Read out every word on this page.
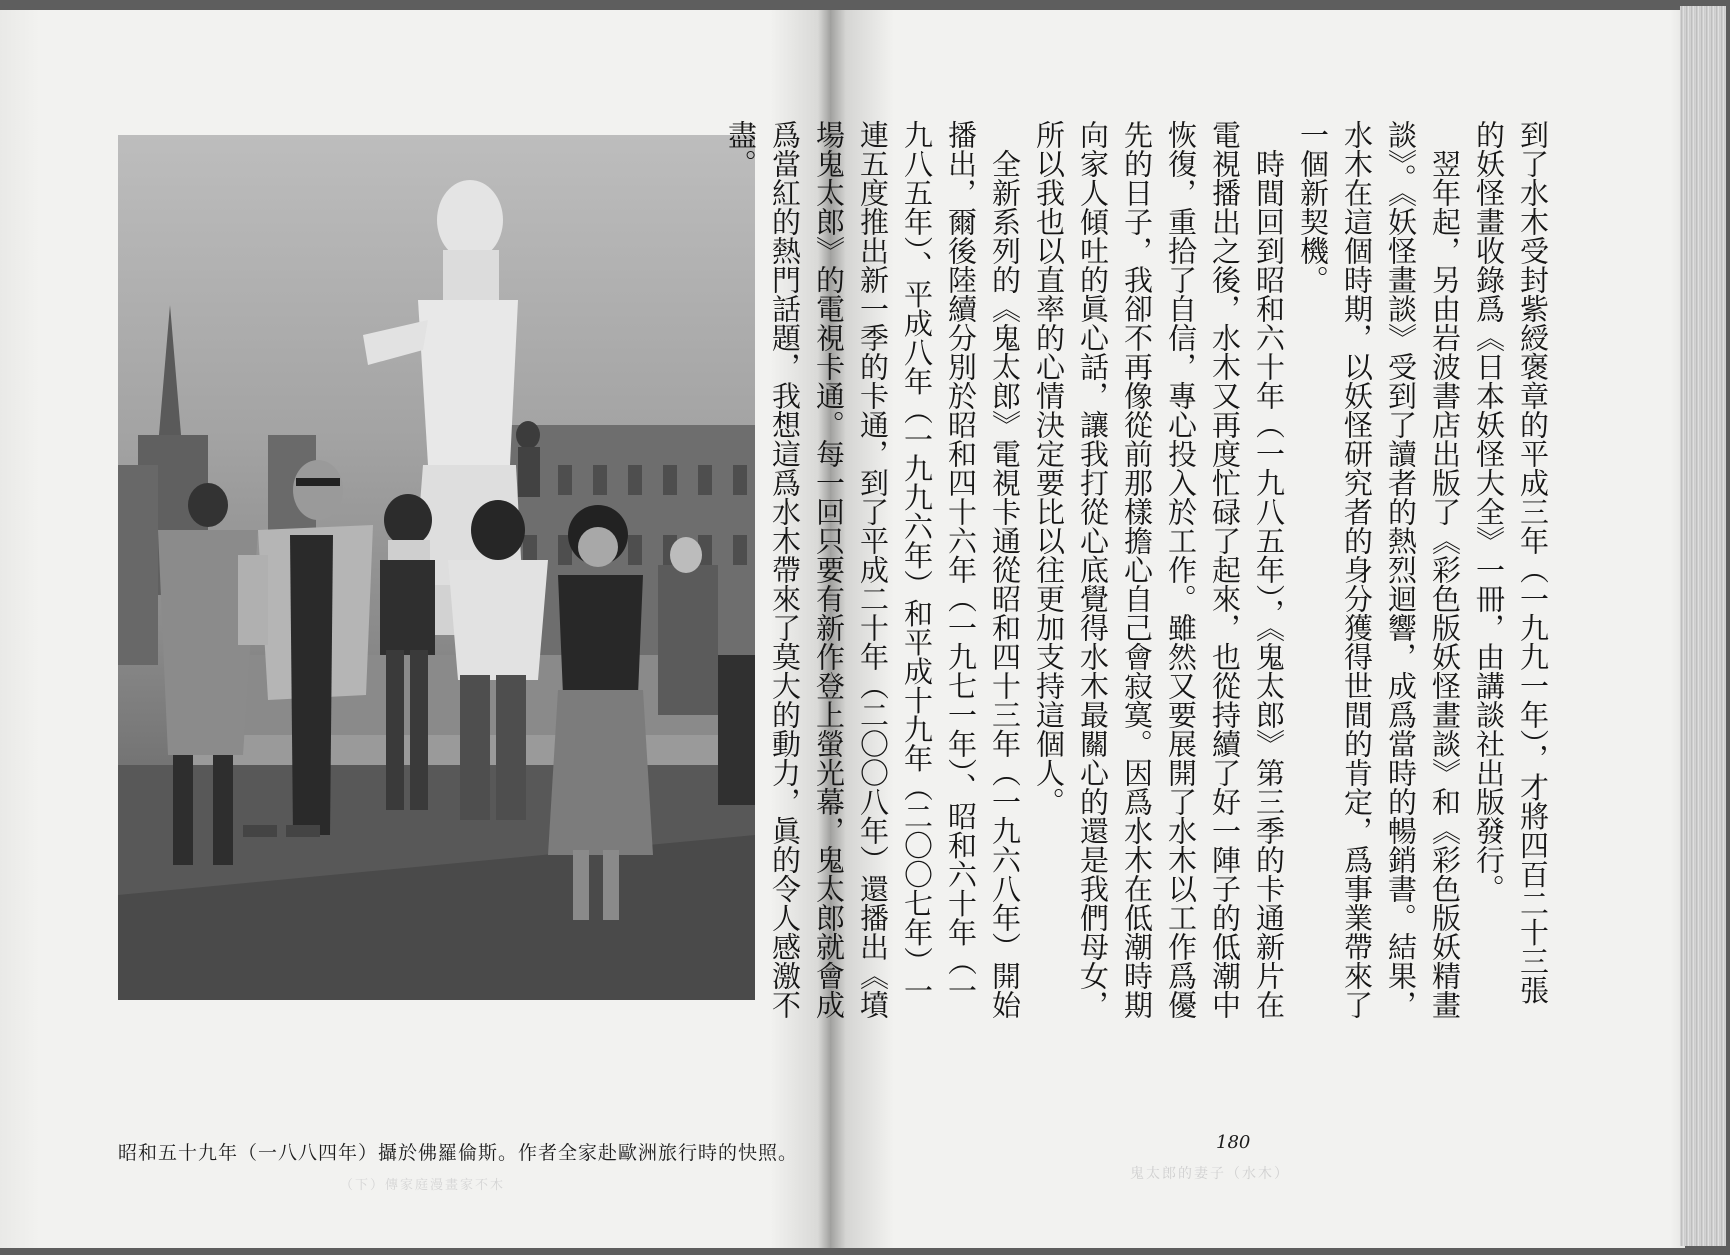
昭和五十九年（一八八四年）攝於佛羅倫斯。作者全家赴歐洲旅行時的快照。
（下）傳家庭漫畫家不木

到了水木受封紫綬褒章的平成三年（一九九一年），才將四百二十三張的妖怪畫收錄爲《日本妖怪大全》一冊，由講談社出版發行。

翌年起，另由岩波書店出版了《彩色版妖怪畫談》和《彩色版妖精畫談》。《妖怪畫談》受到了讀者的熱烈迴響，成爲當時的暢銷書。結果，水木在這個時期，以妖怪研究者的身分獲得世間的肯定，爲事業帶來了一個新契機。

時間回到昭和六十年（一九八五年），《鬼太郎》第三季的卡通新片在電視播出之後，水木又再度忙碌了起來，也從持續了好一陣子的低潮中恢復，重拾了自信，專心投入於工作。雖然又要展開了水木以工作爲優先的日子，我卻不再像從前那樣擔心自己會寂寞。因爲水木在低潮時期向家人傾吐的眞心話，讓我打從心底覺得水木最關心的還是我們母女，所以我也以直率的心情決定要比以往更加支持這個人。

全新系列的《鬼太郎》電視卡通從昭和四十三年（一九六八年）開始播出，爾後陸續分別於昭和四十六年（一九七一年）、昭和六十年（一九八五年）、平成八年（一九九六年）和平成十九年（二〇〇七年）一連五度推出新一季的卡通，到了平成二十年（二〇〇八年）還播出《墳場鬼太郎》的電視卡通。每一回只要有新作登上螢光幕，鬼太郎就會成爲當紅的熱門話題，我想這爲水木帶來了莫大的動力，眞的令人感激不盡。

180
鬼太郎的妻子（水木）
